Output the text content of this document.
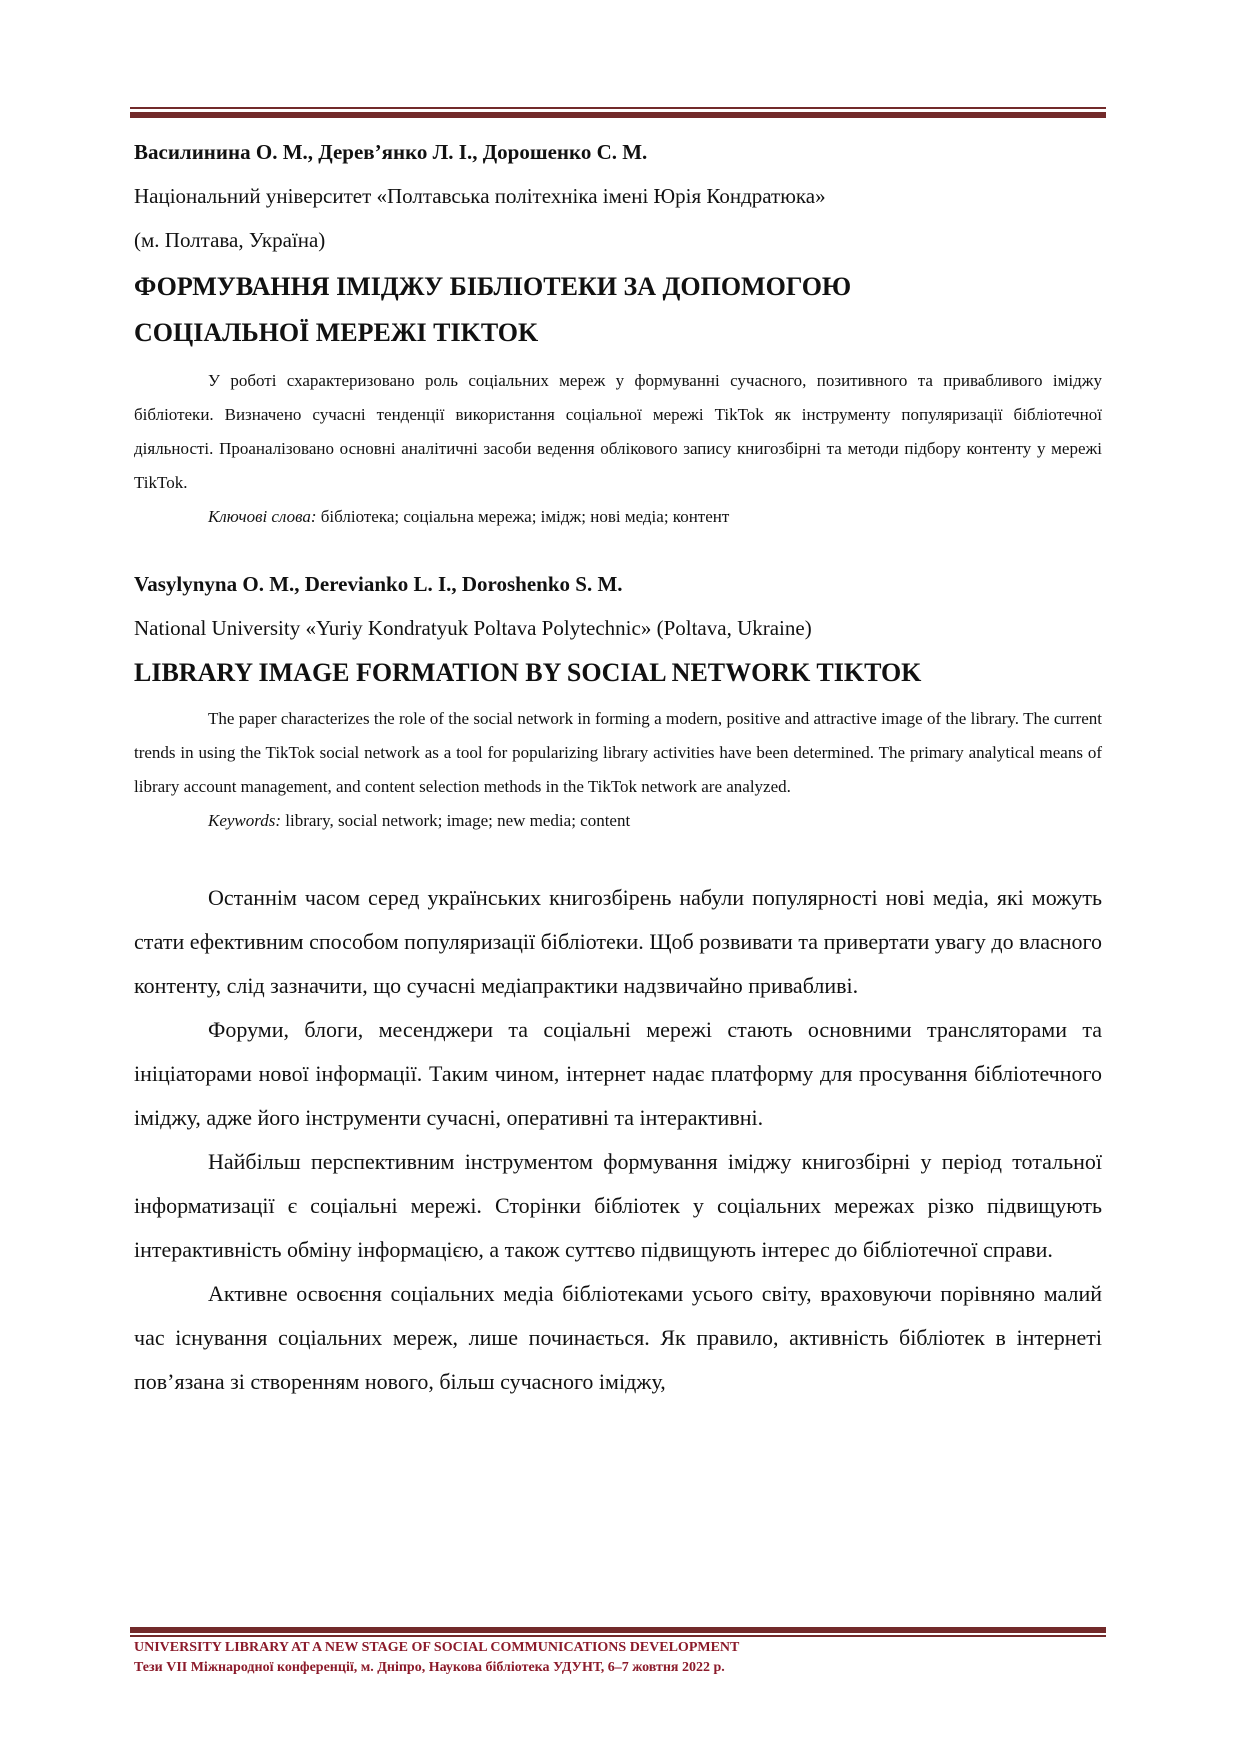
Василинина О. М., Дерев’янко Л. І., Дорошенко С. М.
Національний університет «Полтавська політехніка імені Юрія Кондратюка»
(м. Полтава, Україна)
ФОРМУВАННЯ ІМІДЖУ БІБЛІОТЕКИ ЗА ДОПОМОГОЮ
СОЦІАЛЬНОЇ МЕРЕЖІ TIKTOK
У роботі схарактеризовано роль соціальних мереж у формуванні сучасного, позитивного та привабливого іміджу бібліотеки. Визначено сучасні тенденції використання соціальної мережі TikTok як інструменту популяризації бібліотечної діяльності. Проаналізовано основні аналітичні засоби ведення облікового запису книгозбірні та методи підбору контенту у мережі TikTok.
Ключові слова: бібліотека; соціальна мережа; імідж; нові медіа; контент
Vasylynyna O. M., Derevianko L. I., Doroshenko S. M.
National University «Yuriy Kondratyuk Poltava Polytechnic» (Poltava, Ukraine)
LIBRARY IMAGE FORMATION BY SOCIAL NETWORK TIKTOK
The paper characterizes the role of the social network in forming a modern, positive and attractive image of the library. The current trends in using the TikTok social network as a tool for popularizing library activities have been determined. The primary analytical means of library account management, and content selection methods in the TikTok network are analyzed.
Keywords: library, social network; image; new media; content

Останнім часом серед українських книгозбірень набули популярності нові медіа, які можуть стати ефективним способом популяризації бібліотеки. Щоб розвивати та привертати увагу до власного контенту, слід зазначити, що сучасні медіапрактики надзвичайно привабливі.

Форуми, блоги, месенджери та соціальні мережі стають основними трансляторами та ініціаторами нової інформації. Таким чином, інтернет надає платформу для просування бібліотечного іміджу, адже його інструменти сучасні, оперативні та інтерактивні.

Найбільш перспективним інструментом формування іміджу книгозбірні у період тотальної інформатизації є соціальні мережі. Сторінки бібліотек у соціальних мережах різко підвищують інтерактивність обміну інформацією, а також суттєво підвищують інтерес до бібліотечної справи.

Активне освоєння соціальних медіа бібліотеками усього світу, враховуючи порівняно малий час існування соціальних мереж, лише починається. Як правило, активність бібліотек в інтернеті пов’язана зі створенням нового, більш сучасного іміджу,

UNIVERSITY LIBRARY AT A NEW STAGE OF SOCIAL COMMUNICATIONS DEVELOPMENT
Тези VII Міжнародної конференції, м. Дніпро, Наукова бібліотека УДУНТ, 6–7 жовтня 2022 р.
